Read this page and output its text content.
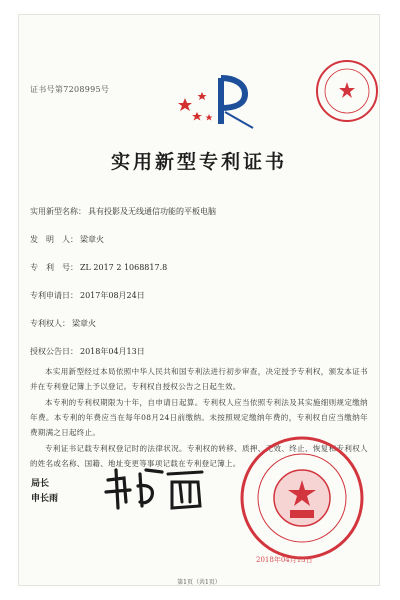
证书号第7208995号
实用新型专利证书
实用新型名称： 具有投影及无线通信功能的平板电脑
发　明　人： 梁章火
专　利　号： ZL 2017 2 1068817.8
专利申请日： 2017年08月24日
专利权人： 梁章火
授权公告日： 2018年04月13日

本实用新型经过本局依照中华人民共和国专利法进行初步审查，决定授予专利权，颁发本证书并在专利登记簿上予以登记。专利权自授权公告之日起生效。

本专利的专利权期限为十年，自申请日起算。专利权人应当依照专利法及其实施细则规定缴纳年费。本专利的年费应当在每年08月24日前缴纳。未按照规定缴纳年费的，专利权自应当缴纳年费期满之日起终止。

专利证书记载专利权登记时的法律状况。专利权的转移、质押、无效、终止、恢复和专利权人的姓名或名称、国籍、地址变更等事项记载在专利登记簿上。

局长
申长雨
2018年04月13日
第1页（共1页）
